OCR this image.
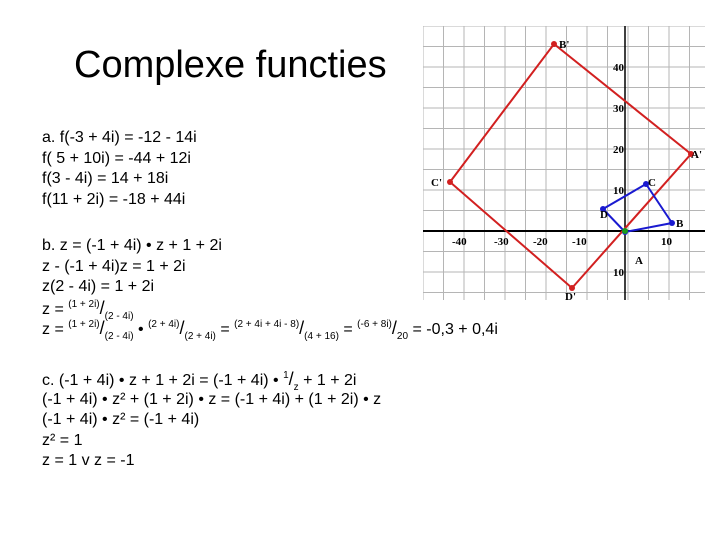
Complexe functies	B'
A'
C'
D'
C
B
A
D
-40 -30 -20 -10	10
40
30
20
10
10
a. f(-3 + 4i) = -12 - 14i
f( 5 + 10i) = -44 + 12i
f(3 - 4i) = 14 + 18i
f(11 + 2i) = -18 + 44i
b. z = (-1 + 4i) • z + 1 + 2i
z - (-1 + 4i)z = 1 + 2i
z(2 - 4i) = 1 + 2i
$z = ^{(1 + 2i)}/_{(2 - 4i)}$
$z = ^{(1 + 2i)}/_{(2 - 4i)}$ • $^{(2 + 4i)}/_{(2 + 4i)} = ^{(2 + 4i + 4i - 8)}/_{(4 + 16)} = ^{(-6 + 8i)}/_{20} = -0,3 + 0,4i$
c. (-1 + 4i) • z + 1 + 2i = (-1 + 4i) • $^1/_z + 1 + 2i$
(-1 + 4i) • z² + (1 + 2i) • z = (-1 + 4i) + (1 + 2i) • z
(-1 + 4i) • z² = (-1 + 4i)
z² = 1
z = 1 v z = -1
